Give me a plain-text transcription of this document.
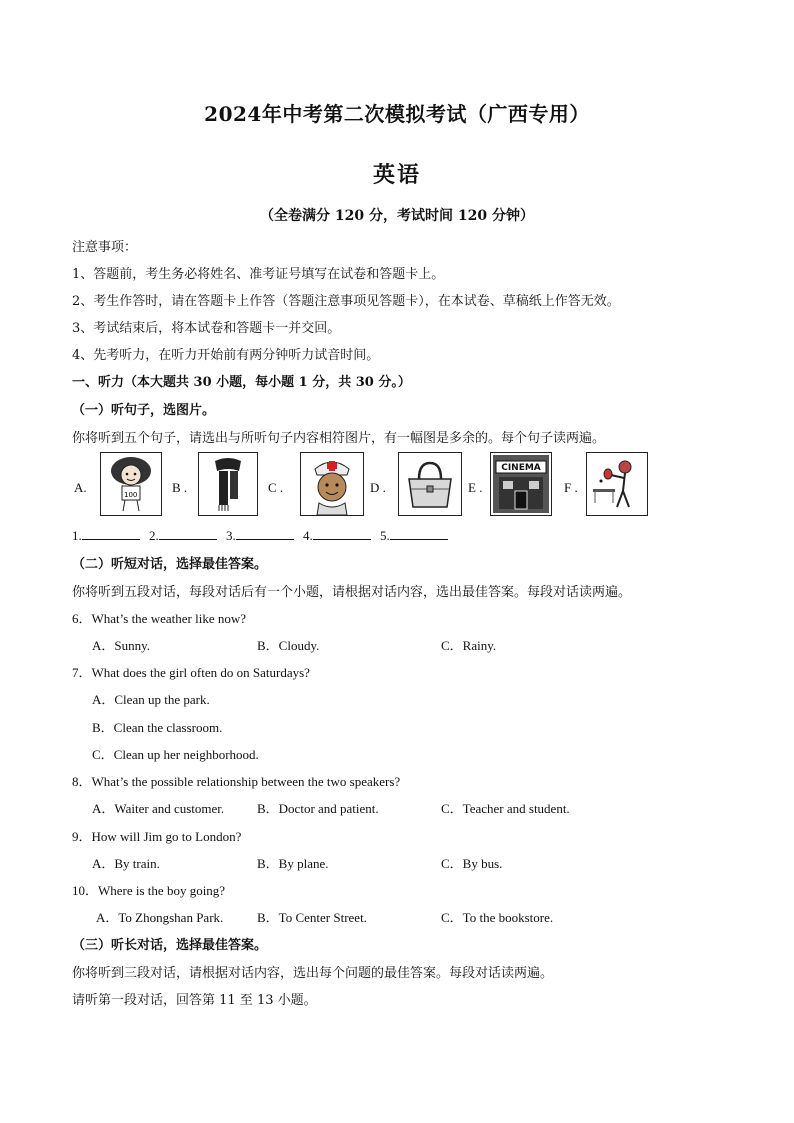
2024年中考第二次模拟考试（广西专用）
英语
（全卷满分 120 分，考试时间 120 分钟）
注意事项：
1、答题前，考生务必将姓名、准考证号填写在试卷和答题卡上。
2、考生作答时，请在答题卡上作答（答题注意事项见答题卡），在本试卷、草稿纸上作答无效。
3、考试结束后，将本试卷和答题卡一并交回。
4、先考听力，在听力开始前有两分钟听力试音时间。
一、听力（本大题共 30 小题，每小题 1 分，共 30 分。）
（一）听句子，选图片。
你将听到五个句子，请选出与所听句子内容相符图片，有一幅图是多余的。每个句子读两遍。
A.	100	B .	C .	D .	E .
CINEMA
F .
1.	2.	3.	4.	5.
（二）听短对话，选择最佳答案。
你将听到五段对话，每段对话后有一个小题，请根据对话内容，选出最佳答案。每段对话读两遍。
6．What’s the weather like now?
A．Sunny.	B．Cloudy.	C．Rainy.
7．What does the girl often do on Saturdays?
A．Clean up the park.
B．Clean the classroom.
C．Clean up her neighborhood.
8．What’s the possible relationship between the two speakers?
A．Waiter and customer.	B．Doctor and patient.	C．Teacher and student.
9．How will Jim go to London?
A．By train.	B．By plane.	C．By bus.
10．Where is the boy going?
A．To Zhongshan Park.	B．To Center Street.	C．To the bookstore.
（三）听长对话，选择最佳答案。
你将听到三段对话，请根据对话内容，选出每个问题的最佳答案。每段对话读两遍。
请听第一段对话，回答第 11 至 13 小题。
